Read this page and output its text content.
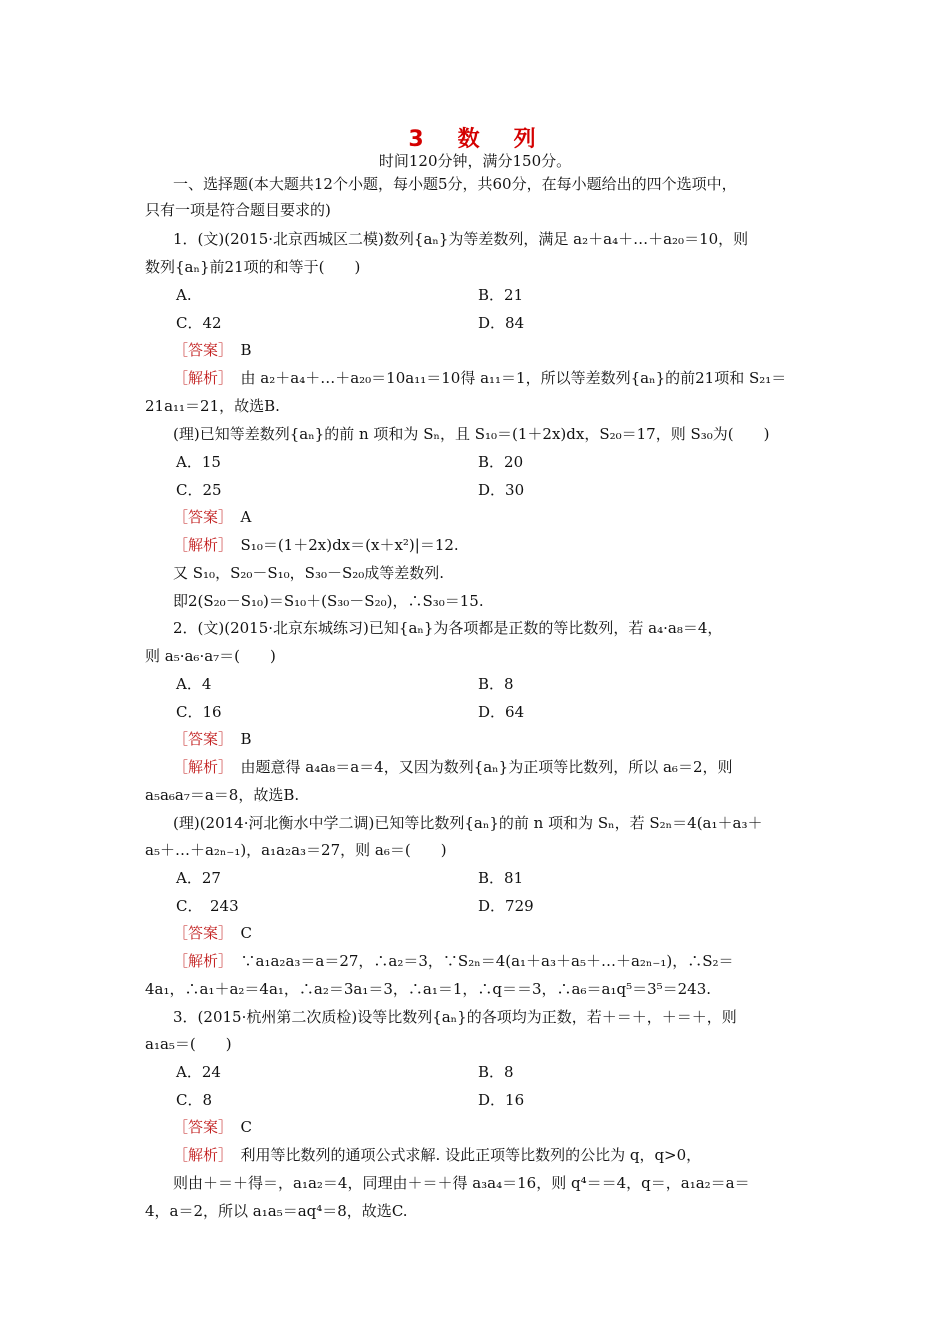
3　数　列
时间120分钟，满分150分。
一、选择题(本大题共12个小题，每小题5分，共60分，在每小题给出的四个选项中，
只有一项是符合题目要求的)
1．(文)(2015·北京西城区二模)数列{aₙ}为等差数列，满足 a₂＋a₄＋…＋a₂₀＝10，则
数列{aₙ}前21项的和等于(　　)
A.	B．21
C．42	D．84
［答案］　 B
［解析］　 由 a₂＋a₄＋…＋a₂₀＝10a₁₁＝10得 a₁₁＝1，所以等差数列{aₙ}的前21项和 S₂₁＝
21a₁₁＝21，故选B.
(理)已知等差数列{aₙ}的前 n 项和为 Sₙ，且 S₁₀＝(1＋2x)dx，S₂₀＝17，则 S₃₀为(　　)
A．15	B．20
C．25	D．30
［答案］　 A
［解析］　 S₁₀＝(1＋2x)dx＝(x＋x²)|＝12.
又 S₁₀，S₂₀－S₁₀，S₃₀－S₂₀成等差数列.
即2(S₂₀－S₁₀)＝S₁₀＋(S₃₀－S₂₀)，∴S₃₀＝15.
2．(文)(2015·北京东城练习)已知{aₙ}为各项都是正数的等比数列，若 a₄·a₈＝4，
则 a₅·a₆·a₇＝(　　)
A．4	B．8
C．16	D．64
［答案］　 B
［解析］　 由题意得 a₄a₈＝a＝4，又因为数列{aₙ}为正项等比数列，所以 a₆＝2，则
a₅a₆a₇＝a＝8，故选B.
(理)(2014·河北衡水中学二调)已知等比数列{aₙ}的前 n 项和为 Sₙ，若 S₂ₙ＝4(a₁＋a₃＋
a₅＋…＋a₂ₙ₋₁)，a₁a₂a₃＝27，则 a₆＝(　　)
A．27	B．81
C．　243	D．729
［答案］　 C
［解析］　 ∵a₁a₂a₃＝a＝27，∴a₂＝3，∵S₂ₙ＝4(a₁＋a₃＋a₅＋…＋a₂ₙ₋₁)，∴S₂＝
4a₁，∴a₁＋a₂＝4a₁，∴a₂＝3a₁＝3，∴a₁＝1，∴q＝＝3，∴a₆＝a₁q⁵＝3⁵＝243.
3．(2015·杭州第二次质检)设等比数列{aₙ}的各项均为正数，若＋＝＋，＋＝＋，则
a₁a₅＝(　　)
A．24	B．8
C．8	D．16
［答案］　 C
［解析］　 利用等比数列的通项公式求解. 设此正项等比数列的公比为 q，q>0，
则由＋＝＋得＝，a₁a₂＝4，同理由＋＝＋得 a₃a₄＝16，则 q⁴＝＝4，q＝，a₁a₂＝a＝
4，a＝2，所以 a₁a₅＝aq⁴＝8，故选C.
